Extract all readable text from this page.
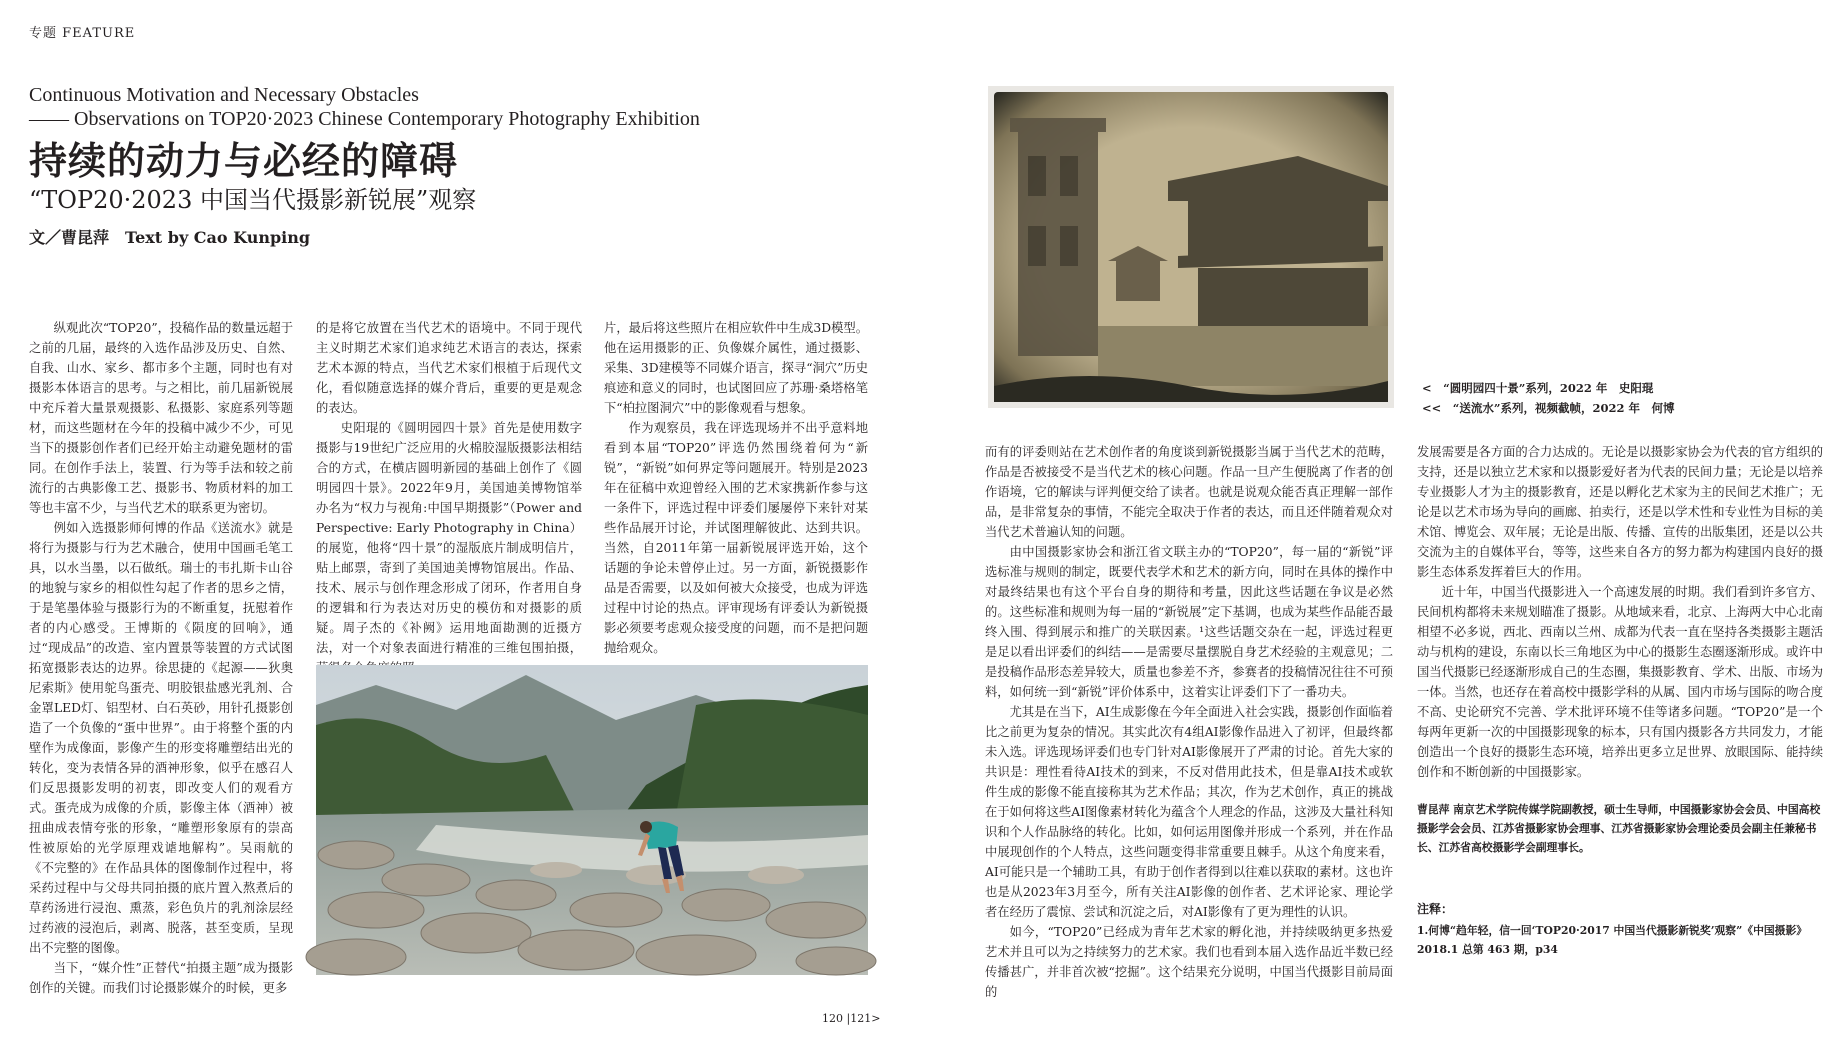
专题 FEATURE
Continuous Motivation and Necessary Obstacles
—— Observations on TOP20·2023 Chinese Contemporary Photography Exhibition
持续的动力与必经的障碍
“TOP20·2023 中国当代摄影新锐展”观察
文／曹昆萍　Text by Cao Kunping

纵观此次“TOP20”，投稿作品的数量远超于之前的几届，最终的入选作品涉及历史、自然、自我、山水、家乡、都市多个主题，同时也有对摄影本体语言的思考。与之相比，前几届新锐展中充斥着大量景观摄影、私摄影、家庭系列等题材，而这些题材在今年的投稿中减少不少，可见当下的摄影创作者们已经开始主动避免题材的雷同。在创作手法上，装置、行为等手法和较之前流行的古典影像工艺、摄影书、物质材料的加工等也丰富不少，与当代艺术的联系更为密切。

例如入选摄影师何博的作品《送流水》就是将行为摄影与行为艺术融合，使用中国画毛笔工具，以水当墨，以石做纸。瑞士的韦扎斯卡山谷的地貌与家乡的相似性勾起了作者的思乡之情，于是笔墨体验与摄影行为的不断重复，抚慰着作者的内心感受。王博斯的《陨度的回响》，通过“现成品”的改造、室内置景等装置的方式试图拓宽摄影表达的边界。徐思捷的《起源——狄奥尼索斯》使用鸵鸟蛋壳、明胶银盐感光乳剂、合金罩LED灯、铝型材、白石英砂，用针孔摄影创造了一个负像的“蛋中世界”。由于将整个蛋的内壁作为成像面，影像产生的形变将雕塑结出光的转化，变为表情各异的酒神形象，似乎在感召人们反思摄影发明的初衷，即改变人们的观看方式。蛋壳成为成像的介质，影像主体（酒神）被扭曲成表情夸张的形象，“雕塑形象原有的崇高性被原始的光学原理戏谑地解构”。吴雨航的《不完整的》在作品具体的图像制作过程中，将采药过程中与父母共同拍摄的底片置入熬煮后的草药汤进行浸泡、熏蒸，彩色负片的乳剂涂层经过药液的浸泡后，剥离、脱落，甚至变质，呈现出不完整的图像。

当下，“媒介性”正替代“拍摄主题”成为摄影创作的关键。而我们讨论摄影媒介的时候，更多

的是将它放置在当代艺术的语境中。不同于现代主义时期艺术家们追求纯艺术语言的表达，探索艺术本源的特点，当代艺术家们根植于后现代文化，看似随意选择的媒介背后，重要的更是观念的表达。

史阳琨的《圆明园四十景》首先是使用数字摄影与19世纪广泛应用的火棉胶湿版摄影法相结合的方式，在横店圆明新园的基础上创作了《圆明园四十景》。2022年9月，美国迪美博物馆举办名为“权力与视角:中国早期摄影”（Power and Perspective: Early Photography in China）的展览，他将“四十景”的湿版底片制成明信片，贴上邮票，寄到了美国迪美博物馆展出。作品、技术、展示与创作理念形成了闭环，作者用自身的逻辑和行为表达对历史的模仿和对摄影的质疑。周子杰的《补阙》运用地面勘测的近摄方法，对一个对象表面进行精准的三维包围拍摄，

片，最后将这些照片在相应软件中生成3D模型。他在运用摄影的正、负像媒介属性，通过摄影、采集、3D建模等不同媒介语言，探寻“洞穴”历史痕迹和意义的同时，也试图回应了苏珊·桑塔格笔下“柏拉图洞穴”中的影像观看与想象。

作为观察员，我在评选现场并不出乎意料地看到本届“TOP20”评选仍然围绕着何为“新锐”，“新锐”如何界定等问题展开。特别是2023年在征稿中欢迎曾经入围的艺术家携新作参与这一条件下，评选过程中评委们屡屡停下来针对某些作品展开讨论，并试图理解彼此、达到共识。当然，自2011年第一届新锐展评选开始，这个话题的争论未曾停止过。另一方面，新锐摄影作品是否需要，以及如何被大众接受，也成为评选过程中讨论的热点。评审现场有评委认为新锐摄影必须要考虑观众接受度的问题，而不是把问题抛给观众。

<　“圆明园四十景”系列，2022 年　史阳琨
<<　“送流水”系列，视频截帧，2022 年　何博

而有的评委则站在艺术创作者的角度谈到新锐摄影当属于当代艺术的范畴，作品是否被接受不是当代艺术的核心问题。作品一旦产生便脱离了作者的创作语境，它的解读与评判便交给了读者。也就是说观众能否真正理解一部作品，是非常复杂的事情，不能完全取决于作者的表达，而且还伴随着观众对当代艺术普遍认知的问题。

由中国摄影家协会和浙江省文联主办的“TOP20”，每一届的“新锐”评选标准与规则的制定，既要代表学术和艺术的新方向，同时在具体的操作中对最终结果也有这个平台自身的期待和考量，因此这些话题在争议是必然的。这些标准和规则为每一届的“新锐展”定下基调，也成为某些作品能否最终入围、得到展示和推广的关联因素。¹这些话题交杂在一起，评选过程更是足以看出评委们的纠结——是需要尽量摆脱自身艺术经验的主观意见；二是投稿作品形态差异较大，质量也参差不齐，参赛者的投稿情况往往不可预料，如何统一到“新锐”评价体系中，这着实让评委们下了一番功夫。

尤其是在当下，AI生成影像在今年全面进入社会实践，摄影创作面临着比之前更为复杂的情况。其实此次有4组AI影像作品进入了初评，但最终都未入选。评选现场评委们也专门针对AI影像展开了严肃的讨论。首先大家的共识是：理性看待AI技术的到来，不反对借用此技术，但是靠AI技术或软件生成的影像不能直接称其为艺术作品；其次，作为艺术创作，真正的挑战在于如何将这些AI图像素材转化为蕴含个人理念的作品，这涉及大量社科知识和个人作品脉络的转化。比如，如何运用图像并形成一个系列，并在作品中展现创作的个人特点，这些问题变得非常重要且棘手。从这个角度来看，AI可能只是一个辅助工具，有助于创作者得到以往难以获取的素材。这也许也是从2023年3月至今，所有关注AI影像的创作者、艺术评论家、理论学者在经历了震惊、尝试和沉淀之后，对AI影像有了更为理性的认识。

如今，“TOP20”已经成为青年艺术家的孵化池，并持续吸纳更多热爱艺术并且可以为之持续努力的艺术家。我们也看到本届入选作品近半数已经传播甚广，并非首次被“挖掘”。这个结果充分说明，中国当代摄影目前局面的

发展需要是各方面的合力达成的。无论是以摄影家协会为代表的官方组织的支持，还是以独立艺术家和以摄影爱好者为代表的民间力量；无论是以培养专业摄影人才为主的摄影教育，还是以孵化艺术家为主的民间艺术推广；无论是以艺术市场为导向的画廊、拍卖行，还是以学术性和专业性为目标的美术馆、博览会、双年展；无论是出版、传播、宣传的出版集团，还是以公共交流为主的自媒体平台，等等，这些来自各方的努力都为构建国内良好的摄影生态体系发挥着巨大的作用。

近十年，中国当代摄影进入一个高速发展的时期。我们看到许多官方、民间机构都将未来规划瞄准了摄影。从地域来看，北京、上海两大中心北南相望不必多说，西北、西南以兰州、成都为代表一直在坚持各类摄影主题活动与机构的建设，东南以长三角地区为中心的摄影生态圈逐渐形成。或许中国当代摄影已经逐渐形成自己的生态圈，集摄影教育、学术、出版、市场为一体。当然，也还存在着高校中摄影学科的从属、国内市场与国际的吻合度不高、史论研究不完善、学术批评环境不佳等诸多问题。“TOP20”是一个每两年更新一次的中国摄影现象的标本，只有国内摄影各方共同发力，才能创造出一个良好的摄影生态环境，培养出更多立足世界、放眼国际、能持续创作和不断创新的中国摄影家。

曹昆萍 南京艺术学院传媒学院副教授，硕士生导师，中国摄影家协会会员、中国高校摄影学会会员、江苏省摄影家协会理事、江苏省摄影家协会理论委员会副主任兼秘书长、江苏省高校摄影学会副理事长。
注释：
1.何博“趋年轻，信一回‘TOP20·2017 中国当代摄影新锐奖’观察”《中国摄影》2018.1 总第 463 期，p34
120 |121>
